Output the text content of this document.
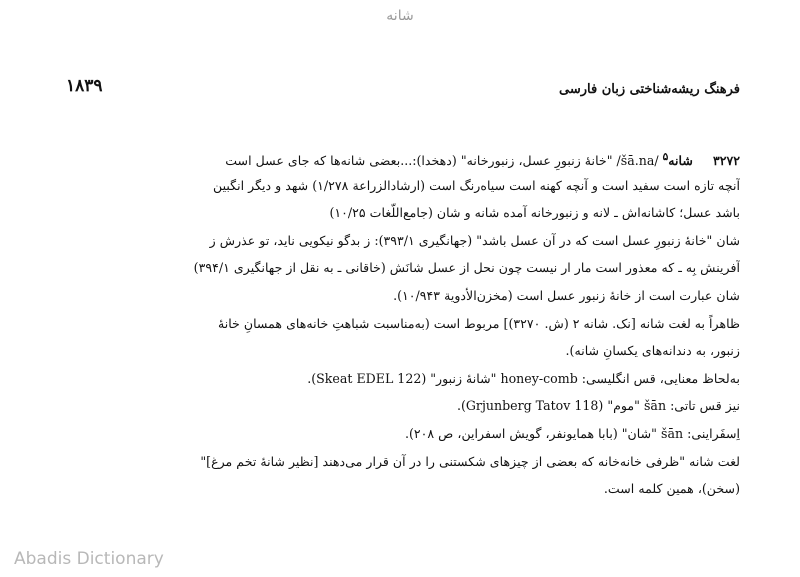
شانه
۱۸۳۹	فرهنگ ریشه‌شناختی زبان فارسی
۳۲۷۲     شانه$^۵$ /šā.na/ "خانهٔ زنبورِ عسل، زنبورخانه" (دهخدا):...بعضی شانه‌ها که جای عسل است
آنچه تازه است سفید است و آنچه کهنه است سیاه‌رنگ است (ارشادالزراعة ۱/۲۷۸) شهد و دیگر انگبین
باشد عسل؛ کاشانه‌اش ـ لانه و زنبورخانه آمده شانه و شان (جامع‌اللّغات ۱۰/۲۵)
شان "خانهٔ زنبورِ عسل است که در آن عسل باشد" (جهانگیری ۳۹۳/۱): ز بدگو نیکویی ناید، تو عذرش ز
آفرینش بِه ـ که معذور است مار ار نیست چون نحل از عسل شانَش (خاقانی ـ به نقل از جهانگیری ۳۹۴/۱)
شان عبارت است از خانهٔ زنبور عسل است (مخزن‌الأدویة ۱۰/۹۴۳).
ظاهراً به لغت شانه [نک. شانه ۲ (ش. ۳۲۷۰)] مربوط است (به‌مناسبت شباهتِ خانه‌های همسانِ خانهٔ
زنبور، به دندانه‌های یکسانِ شانه).
به‌لحاظ معنایی، قس انگلیسی: honey-comb "شانهٔ زنبور" (Skeat EDEL 122).
نیز قس تاتی: šān "موم" (Grjunberg Tatov 118).
اِسفَراینی: šān "شان" (بابا همایونفر، گویش اسفراین، ص ۲۰۸).
لغت شانه "ظرفی خانه‌خانه که بعضی از چیزهای شکستنی را در آن قرار می‌دهند [نظیر شانهٔ تخم مرغ]"
(سخن)، همین کلمه است.
Abadis Dictionary
